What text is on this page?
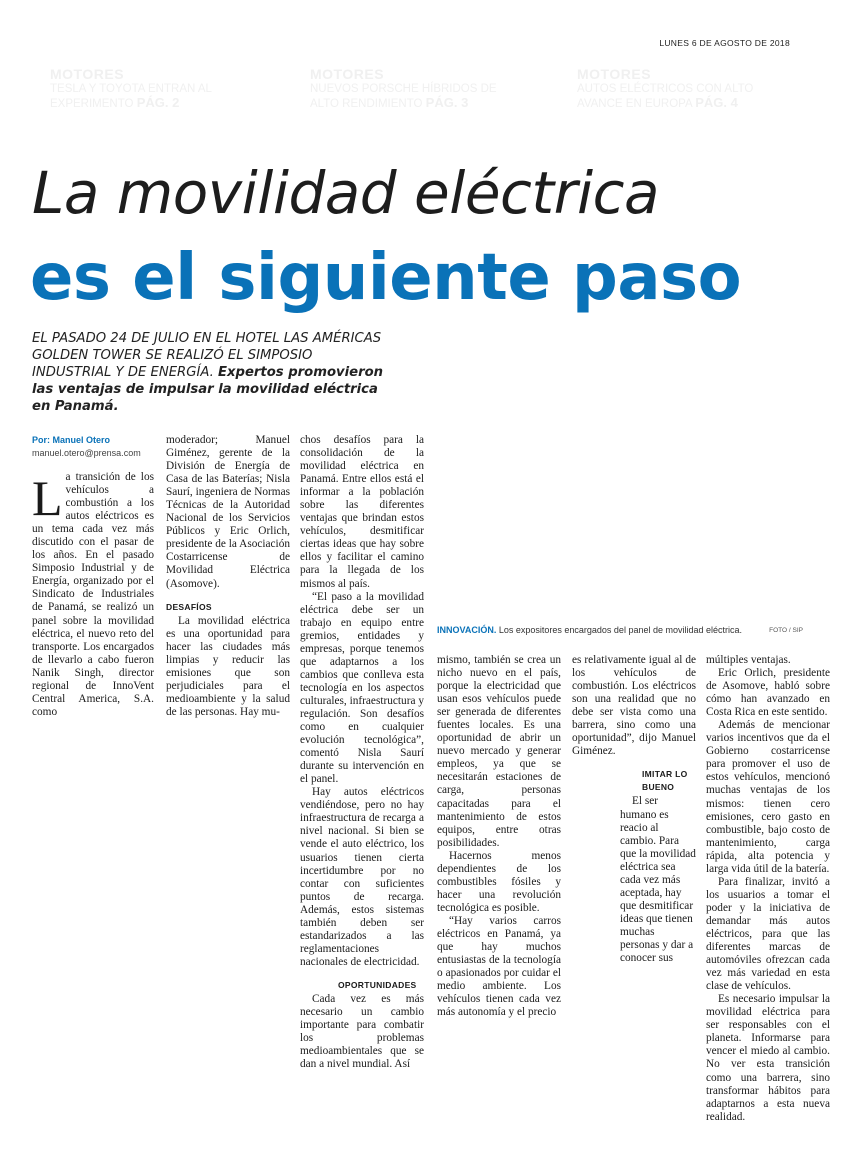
LUNES 6 DE AGOSTO DE 2018
MOTORES
TESLA Y TOYOTA ENTRAN AL EXPERIMENTO PÁG. 2
MOTORES
NUEVOS PORSCHE HÍBRIDOS DE ALTO RENDIMIENTO PÁG. 3
MOTORES
AUTOS ELÉCTRICOS CON ALTO AVANCE EN EUROPA PÁG. 4
La movilidad eléctrica
es el siguiente paso
EL PASADO 24 DE JULIO EN EL HOTEL LAS AMÉRICAS GOLDEN TOWER SE REALIZÓ EL SIMPOSIO INDUSTRIAL Y DE ENERGÍA. Expertos promovieron las ventajas de impulsar la movilidad eléctrica en Panamá.
Por: Manuel Otero
manuel.otero@prensa.com
L a transición de los vehículos a combustión a los autos eléctricos es un tema cada vez más discutido con el pasar de los años. En el pasado Simposio Industrial y de Energía, organizado por el Sindicato de Industriales de Panamá, se realizó un panel sobre la movilidad eléctrica, el nuevo reto del transporte. Los encargados de llevarlo a cabo fueron Nanik Singh, director regional de InnoVent Central America, S.A. como

moderador; Manuel Giménez, gerente de la División de Energía de Casa de las Baterías; Nisla Saurí, ingeniera de Normas Técnicas de la Autoridad Nacional de los Servicios Públicos y Eric Orlich, presidente de la Asociación Costarricense de Movilidad Eléctrica (Asomove).

DESAFÍOS

La movilidad eléctrica es una oportunidad para hacer las ciudades más limpias y reducir las emisiones que son perjudiciales para el medioambiente y la salud de las personas. Hay mu-

chos desafíos para la consolidación de la movilidad eléctrica en Panamá. Entre ellos está el informar a la población sobre las diferentes ventajas que brindan estos vehículos, desmitificar ciertas ideas que hay sobre ellos y facilitar el camino para la llegada de los mismos al país.

“El paso a la movilidad eléctrica debe ser un trabajo en equipo entre gremios, entidades y empresas, porque tenemos que adaptarnos a los cambios que conlleva esta tecnología en los aspectos culturales, infraestructura y regulación. Son desafíos como en cualquier evolución tecnológica”, comentó Nisla Saurí durante su intervención en el panel.

Hay autos eléctricos vendiéndose, pero no hay infraestructura de recarga a nivel nacional. Si bien se vende el auto eléctrico, los usuarios tienen cierta incertidumbre por no contar con suficientes puntos de recarga. Además, estos sistemas también deben ser estandarizados a las reglamentaciones nacionales de electricidad.

OPORTUNIDADES

Cada vez es más necesario un cambio importante para combatir los problemas medioambientales que se dan a nivel mundial. Así

INNOVACIÓN. Los expositores encargados del panel de movilidad eléctrica.	FOTO / SIP

mismo, también se crea un nicho nuevo en el país, porque la electricidad que usan esos vehículos puede ser generada de diferentes fuentes locales. Es una oportunidad de abrir un nuevo mercado y generar empleos, ya que se necesitarán estaciones de carga, personas capacitadas para el mantenimiento de estos equipos, entre otras posibilidades.

Hacernos menos dependientes de los combustibles fósiles y hacer una revolución tecnológica es posible.

“Hay varios carros eléctricos en Panamá, ya que hay muchos entusiastas de la tecnología o apasionados por cuidar el medio ambiente. Los vehículos tienen cada vez más autonomía y el precio

es relativamente igual al de los vehículos de combustión. Los eléctricos son una realidad que no debe ser vista como una barrera, sino como una oportunidad”, dijo Manuel Giménez.

IMITAR LO BUENO

El ser humano es reacio al cambio. Para que la movilidad eléctrica sea cada vez más aceptada, hay que desmitificar ideas que tienen muchas personas y dar a conocer sus

múltiples ventajas.

Eric Orlich, presidente de Asomove, habló sobre cómo han avanzado en Costa Rica en este sentido.

Además de mencionar varios incentivos que da el Gobierno costarricense para promover el uso de estos vehículos, mencionó muchas ventajas de los mismos: tienen cero emisiones, cero gasto en combustible, bajo costo de mantenimiento, carga rápida, alta potencia y larga vida útil de la batería.

Para finalizar, invitó a los usuarios a tomar el poder y la iniciativa de demandar más autos eléctricos, para que las diferentes marcas de automóviles ofrezcan cada vez más variedad en esta clase de vehículos.

Es necesario impulsar la movilidad eléctrica para ser responsables con el planeta. Informarse para vencer el miedo al cambio. No ver esta transición como una barrera, sino transformar hábitos para adaptarnos a esta nueva realidad.
